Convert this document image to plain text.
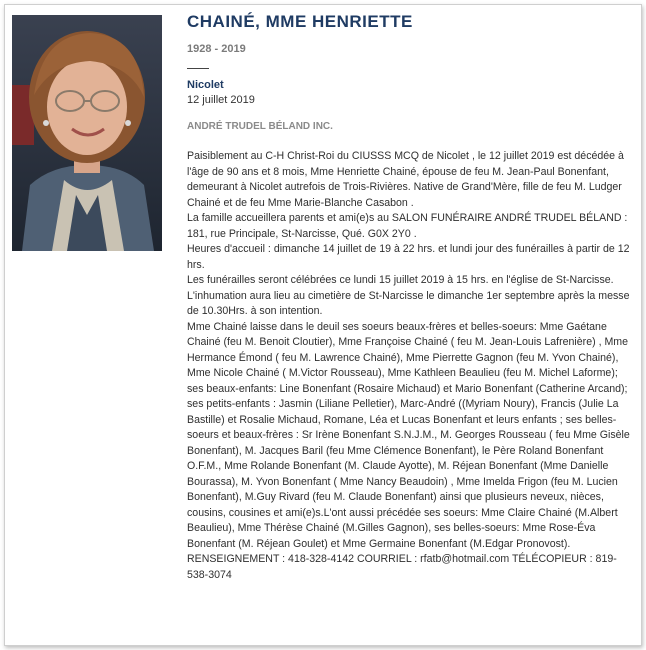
CHAINÉ, MME HENRIETTE
1928 - 2019
Nicolet
12 juillet 2019
ANDRÉ TRUDEL BÉLAND INC.

Paisiblement au C-H Christ-Roi du CIUSSS MCQ de Nicolet , le 12 juillet 2019 est décédée à l'âge de 90 ans et 8 mois, Mme Henriette Chainé, épouse de feu M. Jean-Paul Bonenfant, demeurant à Nicolet autrefois de Trois-Rivières. Native de Grand'Mère, fille de feu M. Ludger Chainé et de feu Mme Marie-Blanche Casabon .

La famille accueillera parents et ami(e)s au SALON FUNÉRAIRE ANDRÉ TRUDEL BÉLAND : 181, rue Principale, St-Narcisse, Qué. G0X 2Y0 .

Heures d'accueil : dimanche 14 juillet de 19 à 22 hrs. et lundi jour des funérailles à partir de 12 hrs.

Les funérailles seront célébrées ce lundi 15 juillet 2019 à 15 hrs. en l'église de St-Narcisse. L'inhumation aura lieu au cimetière de St-Narcisse le dimanche 1er septembre après la messe de 10.30Hrs. à son intention.

Mme Chainé laisse dans le deuil ses soeurs beaux-frères et belles-soeurs: Mme Gaétane Chainé (feu M. Benoit Cloutier), Mme Françoise Chainé ( feu M. Jean-Louis Lafrenière) , Mme Hermance Émond ( feu M. Lawrence Chainé), Mme Pierrette Gagnon (feu M. Yvon Chainé), Mme Nicole Chainé ( M.Victor Rousseau), Mme Kathleen Beaulieu (feu M. Michel Laforme); ses beaux-enfants: Line Bonenfant (Rosaire Michaud) et Mario Bonenfant (Catherine Arcand); ses petits-enfants : Jasmin (Liliane Pelletier), Marc-André ((Myriam Noury), Francis (Julie La Bastille) et Rosalie Michaud, Romane, Léa et Lucas Bonenfant et leurs enfants ; ses belles-soeurs et beaux-frères : Sr Irène Bonenfant S.N.J.M., M. Georges Rousseau ( feu Mme Gisèle Bonenfant), M. Jacques Baril (feu Mme Clémence Bonenfant), le Père Roland Bonenfant O.F.M., Mme Rolande Bonenfant (M. Claude Ayotte), M. Réjean Bonenfant (Mme Danielle Bourassa), M. Yvon Bonenfant ( Mme Nancy Beaudoin) , Mme Imelda Frigon (feu M. Lucien Bonenfant), M.Guy Rivard (feu M. Claude Bonenfant) ainsi que plusieurs neveux, nièces, cousins, cousines et ami(e)s.L'ont aussi précédée ses soeurs: Mme Claire Chainé (M.Albert Beaulieu), Mme Thérèse Chainé (M.Gilles Gagnon), ses belles-soeurs: Mme Rose-Éva Bonenfant (M. Réjean Goulet) et Mme Germaine Bonenfant (M.Edgar Pronovost).

RENSEIGNEMENT : 418-328-4142 COURRIEL : rfatb@hotmail.com TÉLÉCOPIEUR : 819-538-3074
